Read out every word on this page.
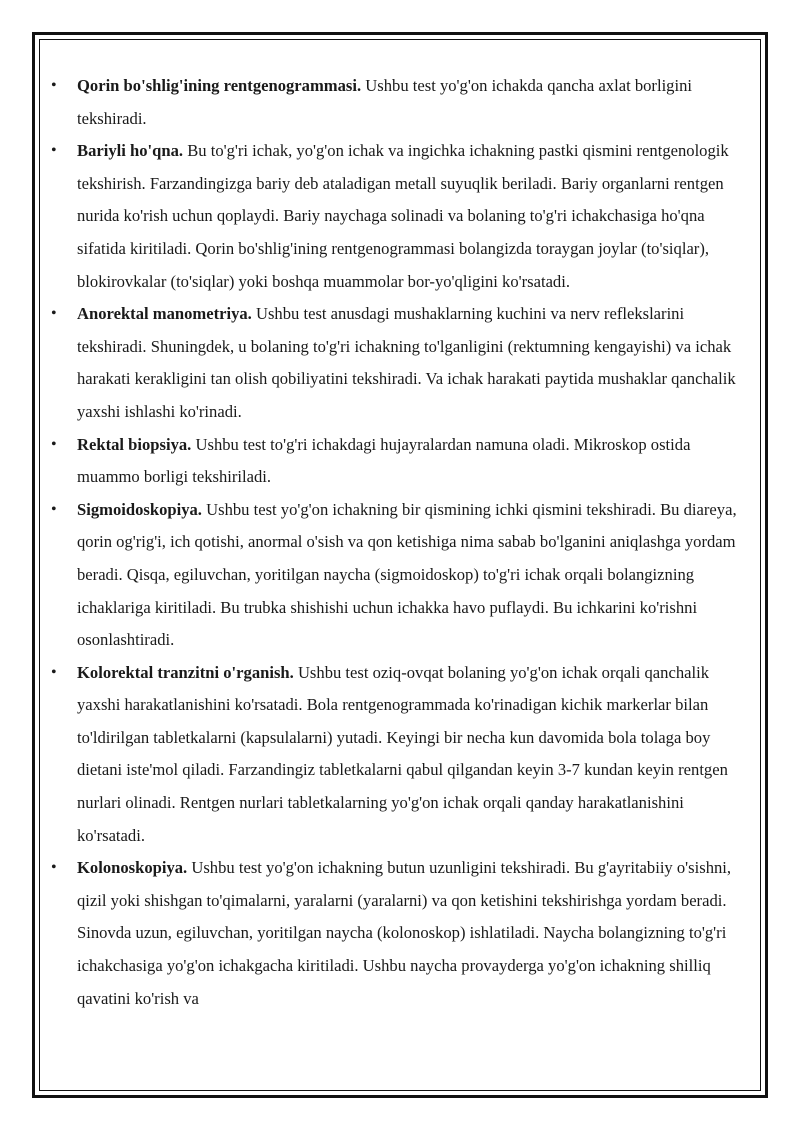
• Qorin bo'shlig'ining rentgenogrammasi. Ushbu test yo'g'on ichakda qancha axlat borligini tekshiradi.
• Bariyli ho'qna. Bu to'g'ri ichak, yo'g'on ichak va ingichka ichakning pastki qismini rentgenologik tekshirish. Farzandingizga bariy deb ataladigan metall suyuqlik beriladi. Bariy organlarni rentgen nurida ko'rish uchun qoplaydi. Bariy naychaga solinadi va bolaning to'g'ri ichakchasiga ho'qna sifatida kiritiladi. Qorin bo'shlig'ining rentgenogrammasi bolangizda toraygan joylar (to'siqlar), blokirovkalar (to'siqlar) yoki boshqa muammolar bor-yo'qligini ko'rsatadi.
• Anorektal manometriya. Ushbu test anusdagi mushaklarning kuchini va nerv reflekslarini tekshiradi. Shuningdek, u bolaning to'g'ri ichakning to'lganligini (rektumning kengayishi) va ichak harakati kerakligini tan olish qobiliyatini tekshiradi. Va ichak harakati paytida mushaklar qanchalik yaxshi ishlashi ko'rinadi.
• Rektal biopsiya. Ushbu test to'g'ri ichakdagi hujayralardan namuna oladi. Mikroskop ostida muammo borligi tekshiriladi.
• Sigmoidoskopiya. Ushbu test yo'g'on ichakning bir qismining ichki qismini tekshiradi. Bu diareya, qorin og'rig'i, ich qotishi, anormal o'sish va qon ketishiga nima sabab bo'lganini aniqlashga yordam beradi. Qisqa, egiluvchan, yoritilgan naycha (sigmoidoskop) to'g'ri ichak orqali bolangizning ichaklariga kiritiladi. Bu trubka shishishi uchun ichakka havo puflaydi. Bu ichkarini ko'rishni osonlashtiradi.
• Kolorektal tranzitni o'rganish. Ushbu test oziq-ovqat bolaning yo'g'on ichak orqali qanchalik yaxshi harakatlanishini ko'rsatadi. Bola rentgenogrammada ko'rinadigan kichik markerlar bilan to'ldirilgan tabletkalarni (kapsulalarni) yutadi. Keyingi bir necha kun davomida bola tolaga boy dietani iste'mol qiladi. Farzandingiz tabletkalarni qabul qilgandan keyin 3-7 kundan keyin rentgen nurlari olinadi. Rentgen nurlari tabletkalarning yo'g'on ichak orqali qanday harakatlanishini ko'rsatadi.
• Kolonoskopiya. Ushbu test yo'g'on ichakning butun uzunligini tekshiradi. Bu g'ayritabiiy o'sishni, qizil yoki shishgan to'qimalarni, yaralarni (yaralarni) va qon ketishini tekshirishga yordam beradi. Sinovda uzun, egiluvchan, yoritilgan naycha (kolonoskop) ishlatiladi. Naycha bolangizning to'g'ri ichakchasiga yo'g'on ichakgacha kiritiladi. Ushbu naycha provayderga yo'g'on ichakning shilliq qavatini ko'rish va
